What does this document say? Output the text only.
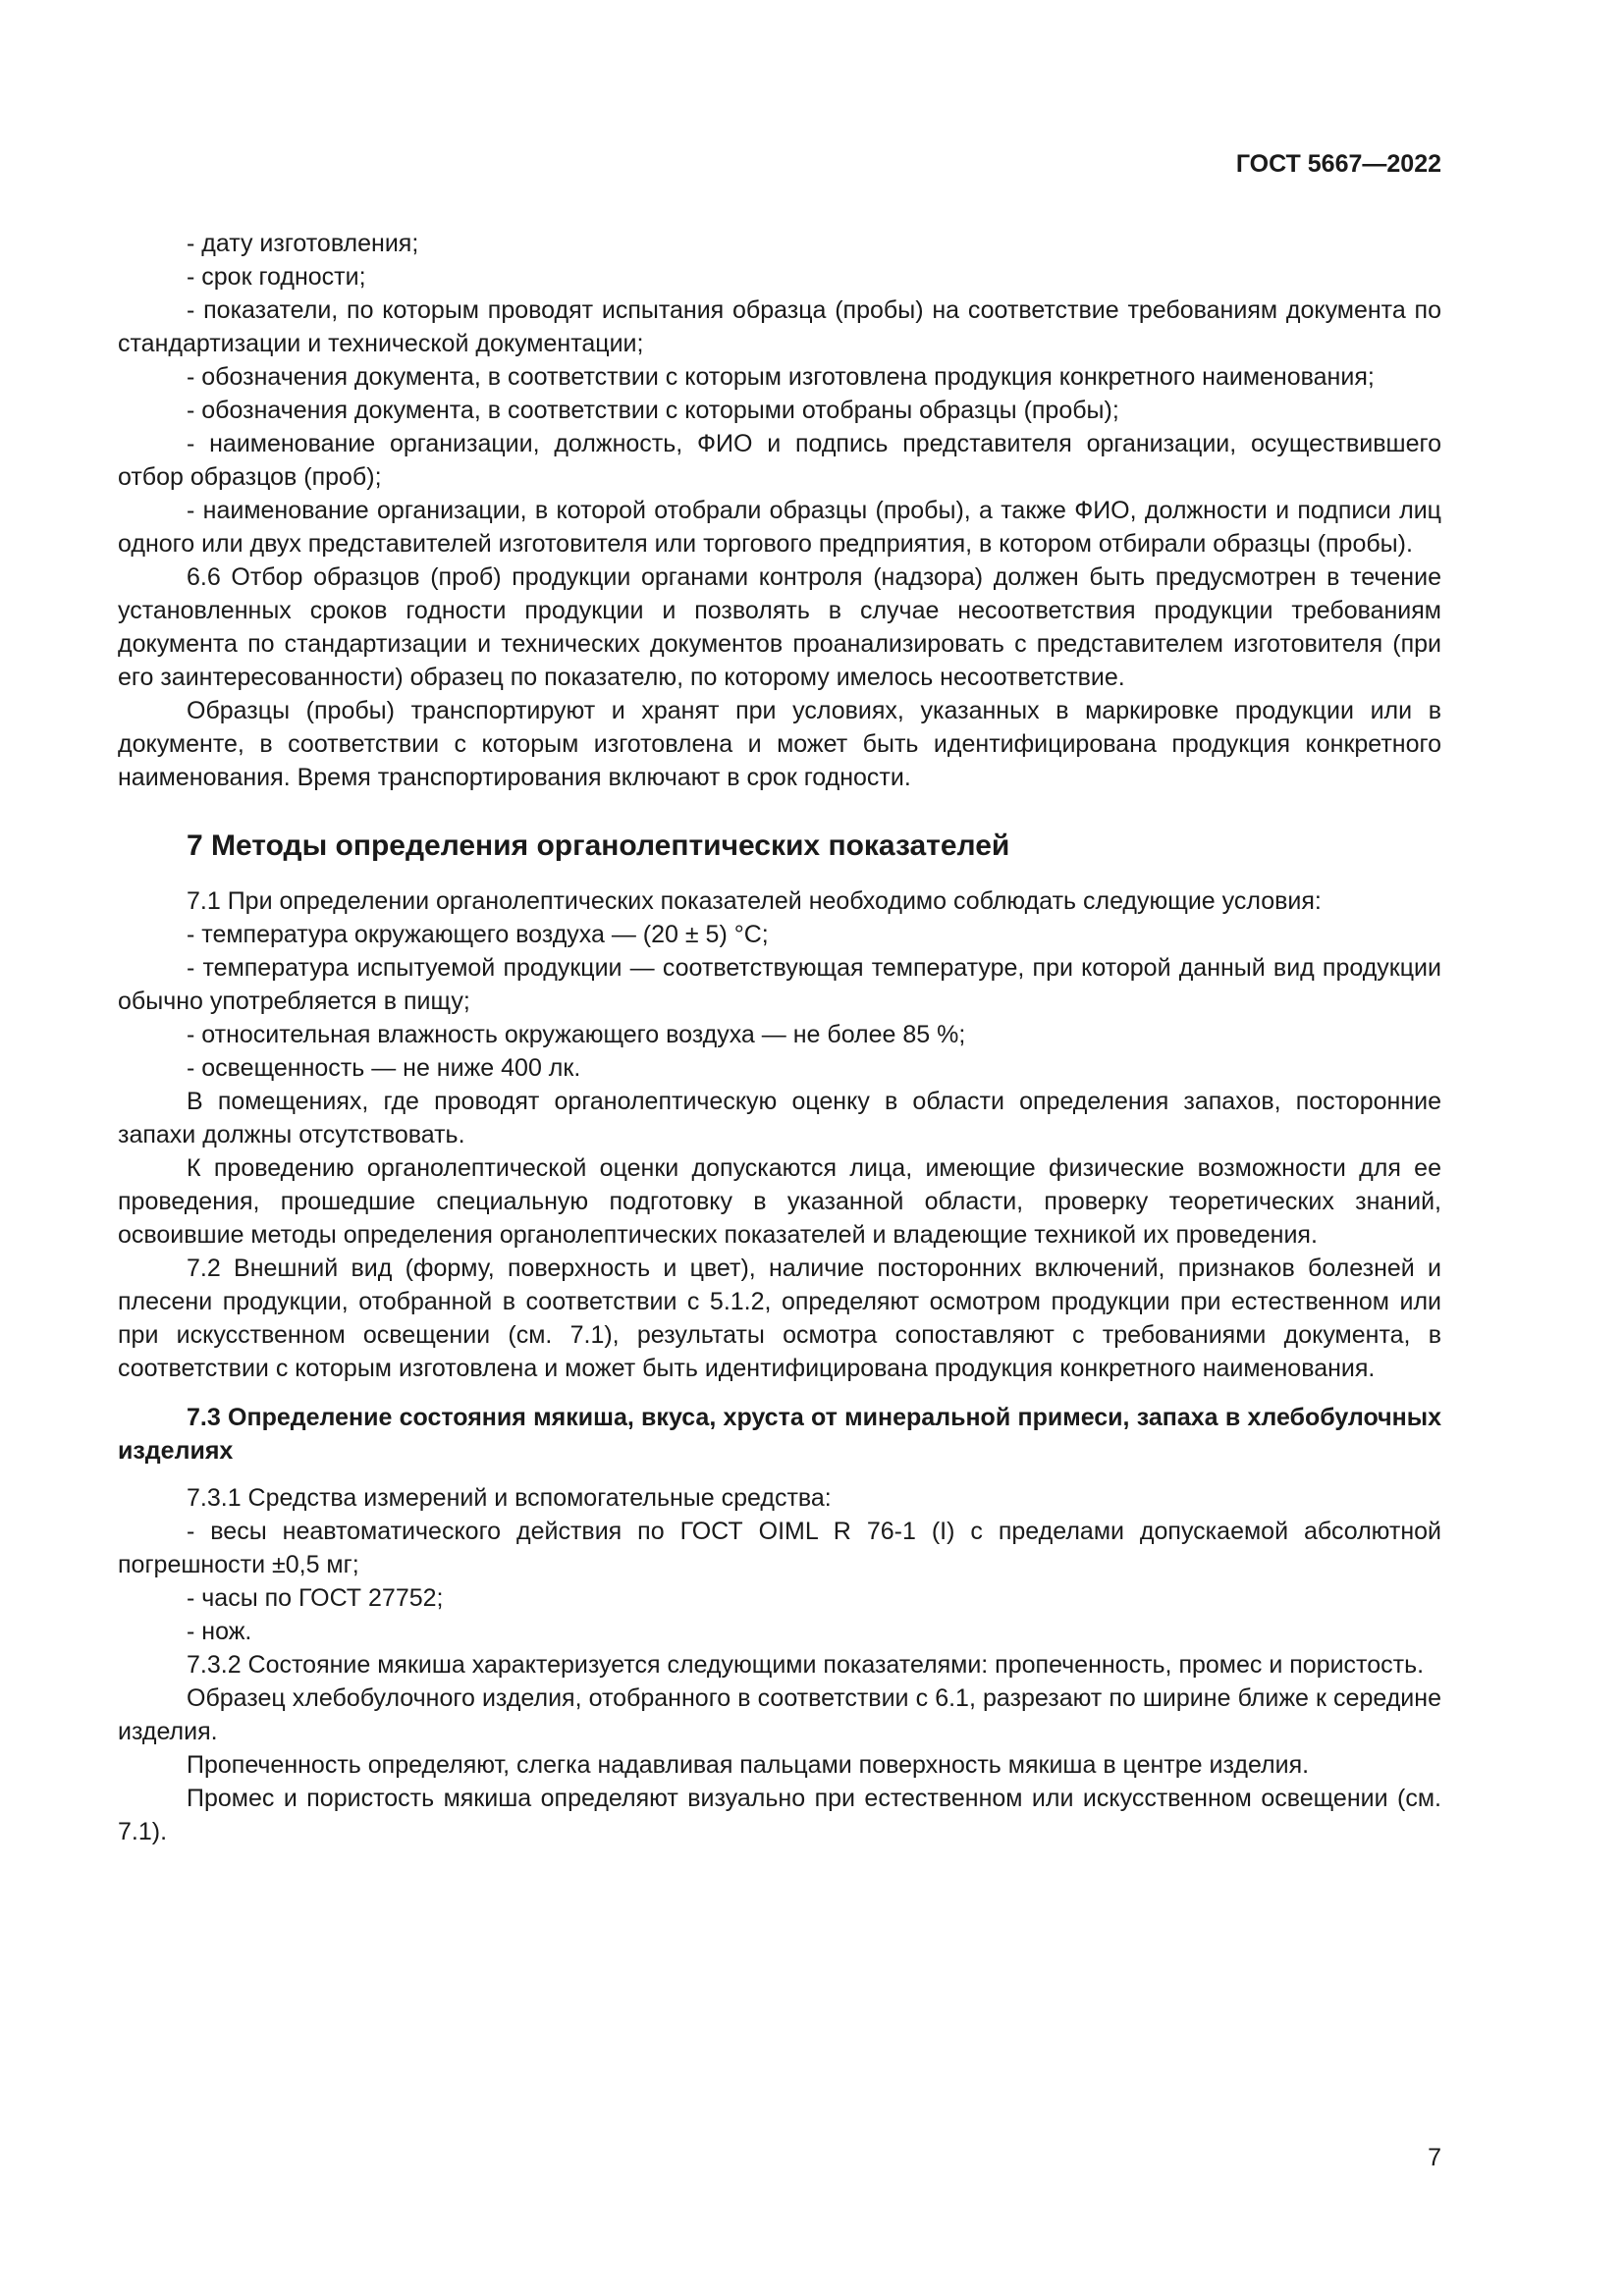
ГОСТ 5667—2022

- дату изготовления;

- срок годности;

- показатели, по которым проводят испытания образца (пробы) на соответствие требованиям документа по стандартизации и технической документации;

- обозначения документа, в соответствии с которым изготовлена продукция конкретного наименования;

- обозначения документа, в соответствии с которыми отобраны образцы (пробы);

- наименование организации, должность, ФИО и подпись представителя организации, осуществившего отбор образцов (проб);

- наименование организации, в которой отобрали образцы (пробы), а также ФИО, должности и подписи лиц одного или двух представителей изготовителя или торгового предприятия, в котором отбирали образцы (пробы).

6.6 Отбор образцов (проб) продукции органами контроля (надзора) должен быть предусмотрен в течение установленных сроков годности продукции и позволять в случае несоответствия продукции требованиям документа по стандартизации и технических документов проанализировать с представителем изготовителя (при его заинтересованности) образец по показателю, по которому имелось несоответствие.

Образцы (пробы) транспортируют и хранят при условиях, указанных в маркировке продукции или в документе, в соответствии с которым изготовлена и может быть идентифицирована продукция конкретного наименования. Время транспортирования включают в срок годности.

7 Методы определения органолептических показателей

7.1 При определении органолептических показателей необходимо соблюдать следующие условия:

- температура окружающего воздуха — (20 ± 5) °С;

- температура испытуемой продукции — соответствующая температуре, при которой данный вид продукции обычно употребляется в пищу;

- относительная влажность окружающего воздуха — не более 85 %;

- освещенность — не ниже 400 лк.

В помещениях, где проводят органолептическую оценку в области определения запахов, посторонние запахи должны отсутствовать.

К проведению органолептической оценки допускаются лица, имеющие физические возможности для ее проведения, прошедшие специальную подготовку в указанной области, проверку теоретических знаний, освоившие методы определения органолептических показателей и владеющие техникой их проведения.

7.2 Внешний вид (форму, поверхность и цвет), наличие посторонних включений, признаков болезней и плесени продукции, отобранной в соответствии с 5.1.2, определяют осмотром продукции при естественном или при искусственном освещении (см. 7.1), результаты осмотра сопоставляют с требованиями документа, в соответствии с которым изготовлена и может быть идентифицирована продукция конкретного наименования.

7.3 Определение состояния мякиша, вкуса, хруста от минеральной примеси, запаха в хлебобулочных изделиях

7.3.1 Средства измерений и вспомогательные средства:

- весы неавтоматического действия по ГОСТ OIML R 76-1 (I) с пределами допускаемой абсолютной погрешности ±0,5 мг;

- часы по ГОСТ 27752;

- нож.

7.3.2 Состояние мякиша характеризуется следующими показателями: пропеченность, промес и пористость.

Образец хлебобулочного изделия, отобранного в соответствии с 6.1, разрезают по ширине ближе к середине изделия.

Пропеченность определяют, слегка надавливая пальцами поверхность мякиша в центре изделия.

Промес и пористость мякиша определяют визуально при естественном или искусственном освещении (см. 7.1).

7
